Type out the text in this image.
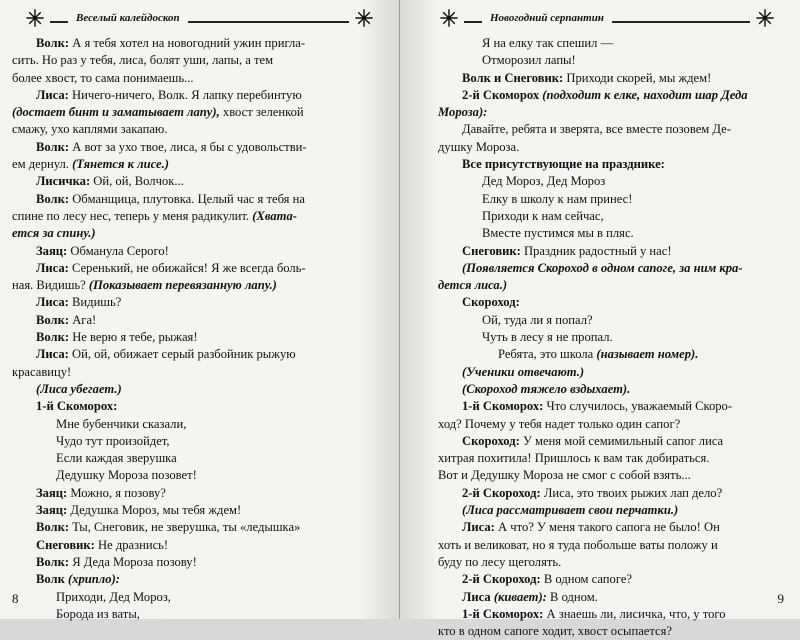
Веселый калейдоскоп
Волк: А я тебя хотел на новогодний ужин пригла-
сить. Но раз у тебя, лиса, болят уши, лапы, а тем
более хвост, то сама понимаешь...
Лиса: Ничего-ничего, Волк. Я лапку перебинтую
(достает бинт и заматывает лапу), хвост зеленкой
смажу, ухо каплями закапаю.
Волк: А вот за ухо твое, лиса, я бы с удовольстви-
ем дернул. (Тянется к лисе.)
Лисичка: Ой, ой, Волчок...
Волк: Обманщица, плутовка. Целый час я тебя на
спине по лесу нес, теперь у меня радикулит. (Хвата-
ется за спину.)
Заяц: Обманула Серого!
Лиса: Серенький, не обижайся! Я же всегда боль-
ная. Видишь? (Показывает перевязанную лапу.)
Лиса: Видишь?
Волк: Ага!
Волк: Не верю я тебе, рыжая!
Лиса: Ой, ой, обижает серый разбойник рыжую
красавицу!
(Лиса убегает.)
1-й Скоморох:
Мне бубенчики сказали,
Чудо тут произойдет,
Если каждая зверушка
Дедушку Мороза позовет!
Заяц: Можно, я позову?
Заяц: Дедушка Мороз, мы тебя ждем!
Волк: Ты, Снеговик, не зверушка, ты «ледышка»
Снеговик: Не дразнись!
Волк: Я Деда Мороза позову!
Волк (хрипло):
Приходи, Дед Мороз,
Борода из ваты,
8
Новогодний серпантин
Я на елку так спешил —
Отморозил лапы!
Волк и Снеговик: Приходи скорей, мы ждем!
2-й Скоморох (подходит к елке, находит шар Деда
Мороза):
Давайте, ребята и зверята, все вместе позовем Де-
душку Мороза.
Все присутствующие на празднике:
Дед Мороз, Дед Мороз
Елку в школу к нам принес!
Приходи к нам сейчас,
Вместе пустимся мы в пляс.
Снеговик: Праздник радостный у нас!
(Появляется Скороход в одном сапоге, за ним кра-
дется лиса.)
Скороход:
Ой, туда ли я попал?
Чуть в лесу я не пропал.
Ребята, это школа (называет номер).
(Ученики отвечают.)
(Скороход тяжело вздыхает).
1-й Скоморох: Что случилось, уважаемый Скоро-
ход? Почему у тебя надет только один сапог?
Скороход: У меня мой семимильный сапог лиса
хитрая похитила! Пришлось к вам так добираться.
Вот и Дедушку Мороза не смог с собой взять...
2-й Скороход: Лиса, это твоих рыжих лап дело?
(Лиса рассматривает свои перчатки.)
Лиса: А что? У меня такого сапога не было! Он
хоть и великоват, но я туда побольше ваты положу и
буду по лесу щеголять.
2-й Скороход: В одном сапоге?
Лиса (кивает): В одном.
1-й Скоморох: А знаешь ли, лисичка, что, у того
кто в одном сапоге ходит, хвост осыпается?
9
